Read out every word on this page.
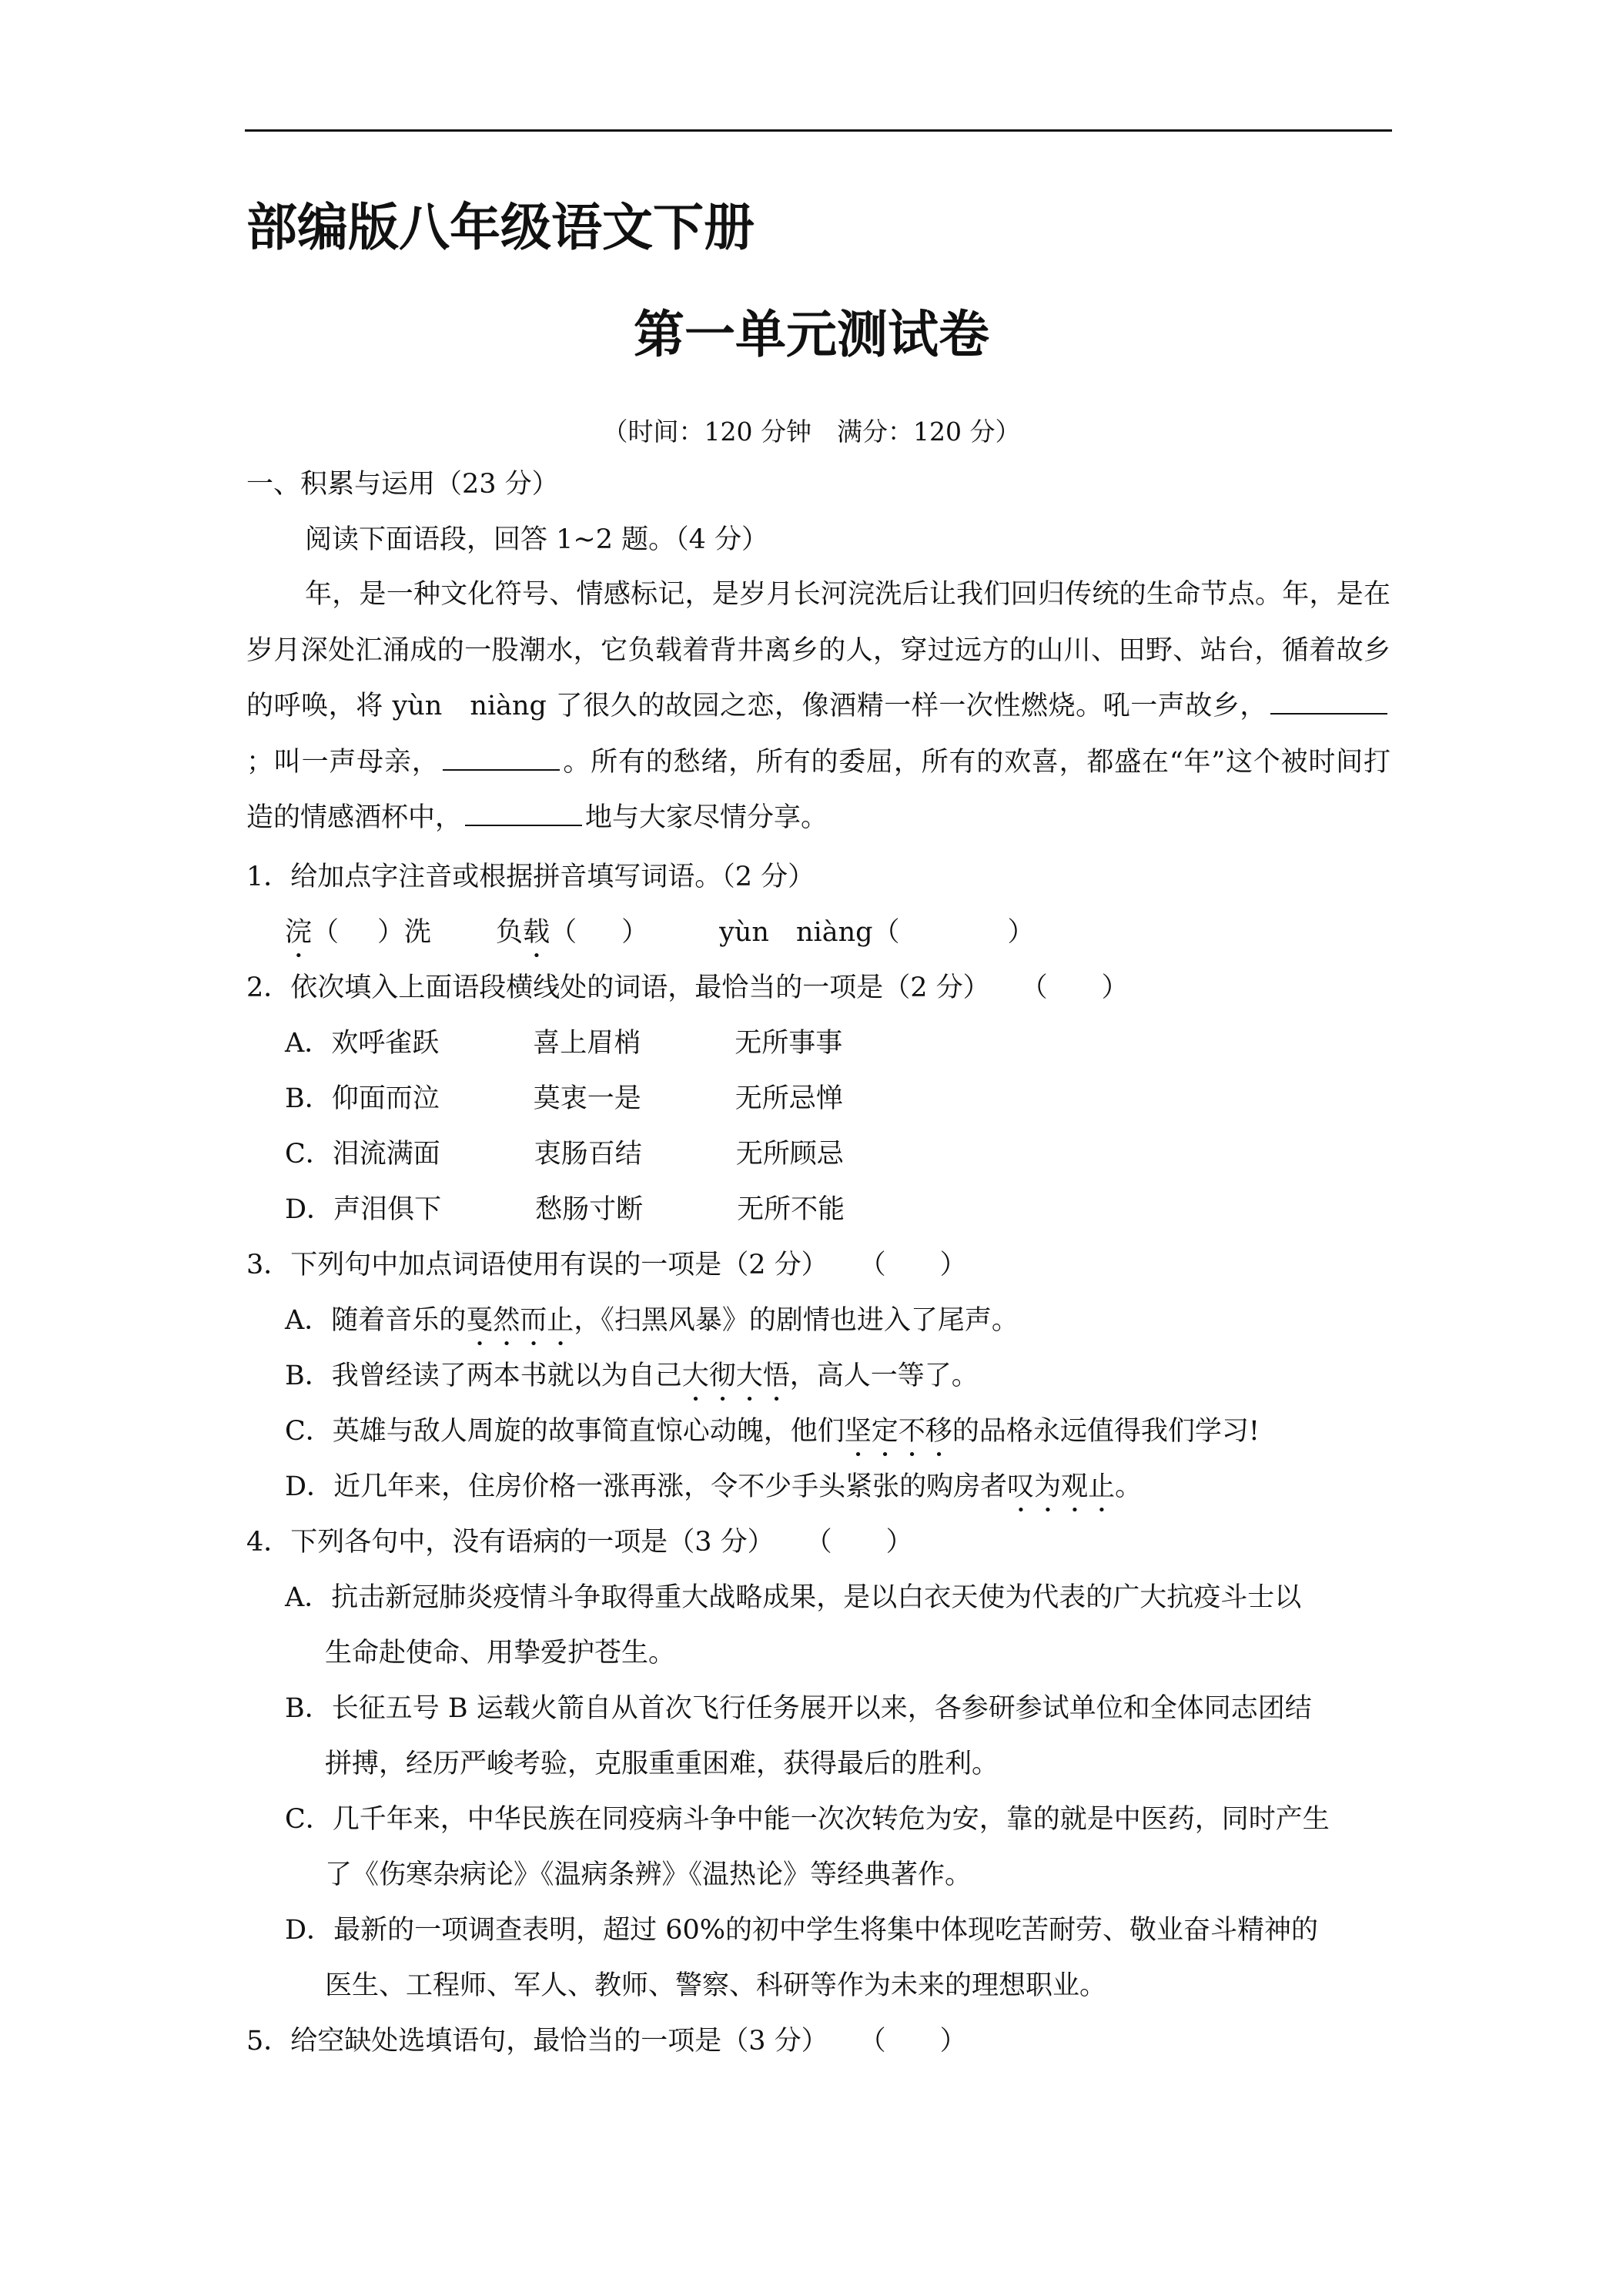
部编版八年级语文下册
第一单元测试卷
（时间：120 分钟　满分：120 分）
一、积累与运用（23 分）
阅读下面语段，回答 1~2 题。（4 分）

年，是一种文化符号、情感标记，是岁月长河浣洗后让我们回归传统的生命节点。年，是在岁月深处汇涌成的一股潮水，它负载着背井离乡的人，穿过远方的山川、田野、站台，循着故乡的呼唤，将 yùn　niàng 了很久的故园之恋，像酒精一样一次性燃烧。吼一声故乡，；叫一声母亲，	。所有的愁绪，所有的委屈，所有的欢喜，都盛在“年”这个被时间打造的情感酒杯中，	地与大家尽情分享。

1．给加点字注音或根据拼音填写词语。（2 分）
浣（ ）洗 负载（ ）	yùn　niàng（	）
2．依次填入上面语段横线处的词语，最恰当的一项是（2 分） （　　）
A．欢呼雀跃	喜上眉梢	无所事事
B．仰面而泣	莫衷一是	无所忌惮
C．泪流满面	衷肠百结	无所顾忌
D．声泪俱下	愁肠寸断	无所不能
3．下列句中加点词语使用有误的一项是（2 分） （　　）
A．随着音乐的戛然而止，《扫黑风暴》的剧情也进入了尾声。
B．我曾经读了两本书就以为自己大彻大悟，高人一等了。
C．英雄与敌人周旋的故事简直惊心动魄，他们坚定不移的品格永远值得我们学习!
D．近几年来，住房价格一涨再涨，令不少手头紧张的购房者叹为观止。
4．下列各句中，没有语病的一项是（3 分） （　　）
A．抗击新冠肺炎疫情斗争取得重大战略成果，是以白衣天使为代表的广大抗疫斗士以
生命赴使命、用挚爱护苍生。
B．长征五号 B 运载火箭自从首次飞行任务展开以来，各参研参试单位和全体同志团结
拼搏，经历严峻考验，克服重重困难，获得最后的胜利。
C．几千年来，中华民族在同疫病斗争中能一次次转危为安，靠的就是中医药，同时产生
了《伤寒杂病论》《温病条辨》《温热论》等经典著作。
D．最新的一项调查表明，超过 60%的初中学生将集中体现吃苦耐劳、敬业奋斗精神的
医生、工程师、军人、教师、警察、科研等作为未来的理想职业。
5．给空缺处选填语句，最恰当的一项是（3 分） （　　）
